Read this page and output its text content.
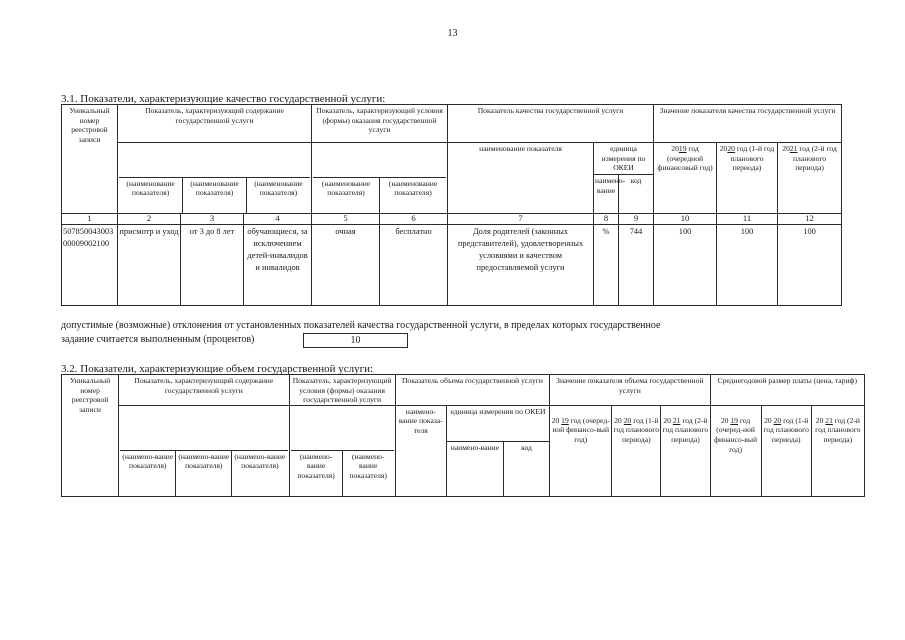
13
3.1. Показатели, характеризующие качество государственной услуги:
Уникальный номер реестровой записи	Показатель, характеризующий содержание государственной услуги	Показатель, характеризующий условия (формы) оказания государственной услуги	Показатель качества государственной услуги	Значение показателя качества государственной услуги

(наименование показателя)	(наименование показателя)	(наименование показателя)

(наименование показателя)	(наименование показателя)
	наименование показателя	единица измерения по ОКЕИ	2019 год (очередной финансовый год)	2020 год (1-й год планового периода)	2021 год (2-й год планового периода)
наимено-вание	код
1	2	3	4	5	6	7	8	9	10	11	12
507850043003 00009002100	присмотр и уход	от 3 до 8 лет	обучающиеся, за исключением детей-инвалидов и инвалидов	очная	бесплатно	Доля родителей (законных представителей), удовлетворенных условиями и качеством предоставляемой услуги	%	744	100	100	100
допустимые (возможные) отклонения от установленных показателей качества государственной услуги, в пределах которых государственное
задание считается выполненным (процентов)	10
3.2. Показатели, характеризующие объем государственной услуги:
Уникальный номер реестровой записи	Показатель, характеризующий содержание государственной услуги	Показатель, характеризующий условия (формы) оказания государственной услуги	Показатель объема государственной услуги	Значение показателя объема государственной услуги	Среднегодовой размер платы (цена, тариф)

(наимено-вание показателя)	(наимено-вание показателя)	(наимено-вание показателя)

(наимено-вание показателя)	(наимено-вание показателя)
	наимено-вание показа-теля	единица измерения по ОКЕИ	20 19 год (очеред-ной финансо-вый год)	20 20 год (1-й год планового периода)	20 21 год (2-й год планового периода)	20 19 год (очеред-ной финансо-вый год)	20 20 год (1-й год планового периода)	20 21 год (2-й год планового периода)
наимено-вание	код
